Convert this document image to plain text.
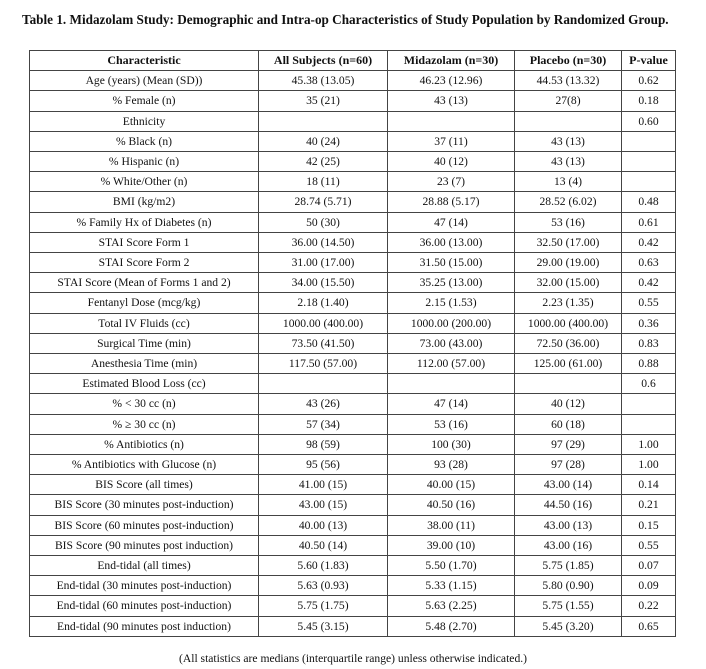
Table 1. Midazolam Study: Demographic and Intra-op Characteristics of Study Population by Randomized Group.
Characteristic	All Subjects (n=60)	Midazolam (n=30)	Placebo (n=30)	P-value
Age (years) (Mean (SD))	45.38 (13.05)	46.23 (12.96)	44.53 (13.32)	0.62
% Female (n)	35 (21)	43 (13)	27(8)	0.18
Ethnicity				0.60
% Black (n)	40 (24)	37 (11)	43 (13)	
% Hispanic (n)	42 (25)	40 (12)	43 (13)	
% White/Other (n)	18 (11)	23 (7)	13 (4)	
BMI (kg/m2)	28.74 (5.71)	28.88 (5.17)	28.52 (6.02)	0.48
% Family Hx of Diabetes (n)	50 (30)	47 (14)	53 (16)	0.61
STAI Score Form 1	36.00 (14.50)	36.00 (13.00)	32.50 (17.00)	0.42
STAI Score Form 2	31.00 (17.00)	31.50 (15.00)	29.00 (19.00)	0.63
STAI Score (Mean of Forms 1 and 2)	34.00 (15.50)	35.25 (13.00)	32.00 (15.00)	0.42
Fentanyl Dose (mcg/kg)	2.18 (1.40)	2.15 (1.53)	2.23 (1.35)	0.55
Total IV Fluids (cc)	1000.00 (400.00)	1000.00 (200.00)	1000.00 (400.00)	0.36
Surgical Time (min)	73.50 (41.50)	73.00 (43.00)	72.50 (36.00)	0.83
Anesthesia Time (min)	117.50 (57.00)	112.00 (57.00)	125.00 (61.00)	0.88
Estimated Blood Loss (cc)				0.6
% < 30 cc (n)	43 (26)	47 (14)	40 (12)	
% ≥ 30 cc (n)	57 (34)	53 (16)	60 (18)	
% Antibiotics (n)	98 (59)	100 (30)	97 (29)	1.00
% Antibiotics with Glucose (n)	95 (56)	93 (28)	97 (28)	1.00
BIS Score (all times)	41.00 (15)	40.00 (15)	43.00 (14)	0.14
BIS Score (30 minutes post-induction)	43.00 (15)	40.50 (16)	44.50 (16)	0.21
BIS Score (60 minutes post-induction)	40.00 (13)	38.00 (11)	43.00 (13)	0.15
BIS Score (90 minutes post induction)	40.50 (14)	39.00 (10)	43.00 (16)	0.55
End-tidal (all times)	5.60 (1.83)	5.50 (1.70)	5.75 (1.85)	0.07
End-tidal (30 minutes post-induction)	5.63 (0.93)	5.33 (1.15)	5.80 (0.90)	0.09
End-tidal (60 minutes post-induction)	5.75 (1.75)	5.63 (2.25)	5.75 (1.55)	0.22
End-tidal (90 minutes post induction)	5.45 (3.15)	5.48 (2.70)	5.45 (3.20)	0.65
(All statistics are medians (interquartile range) unless otherwise indicated.)
